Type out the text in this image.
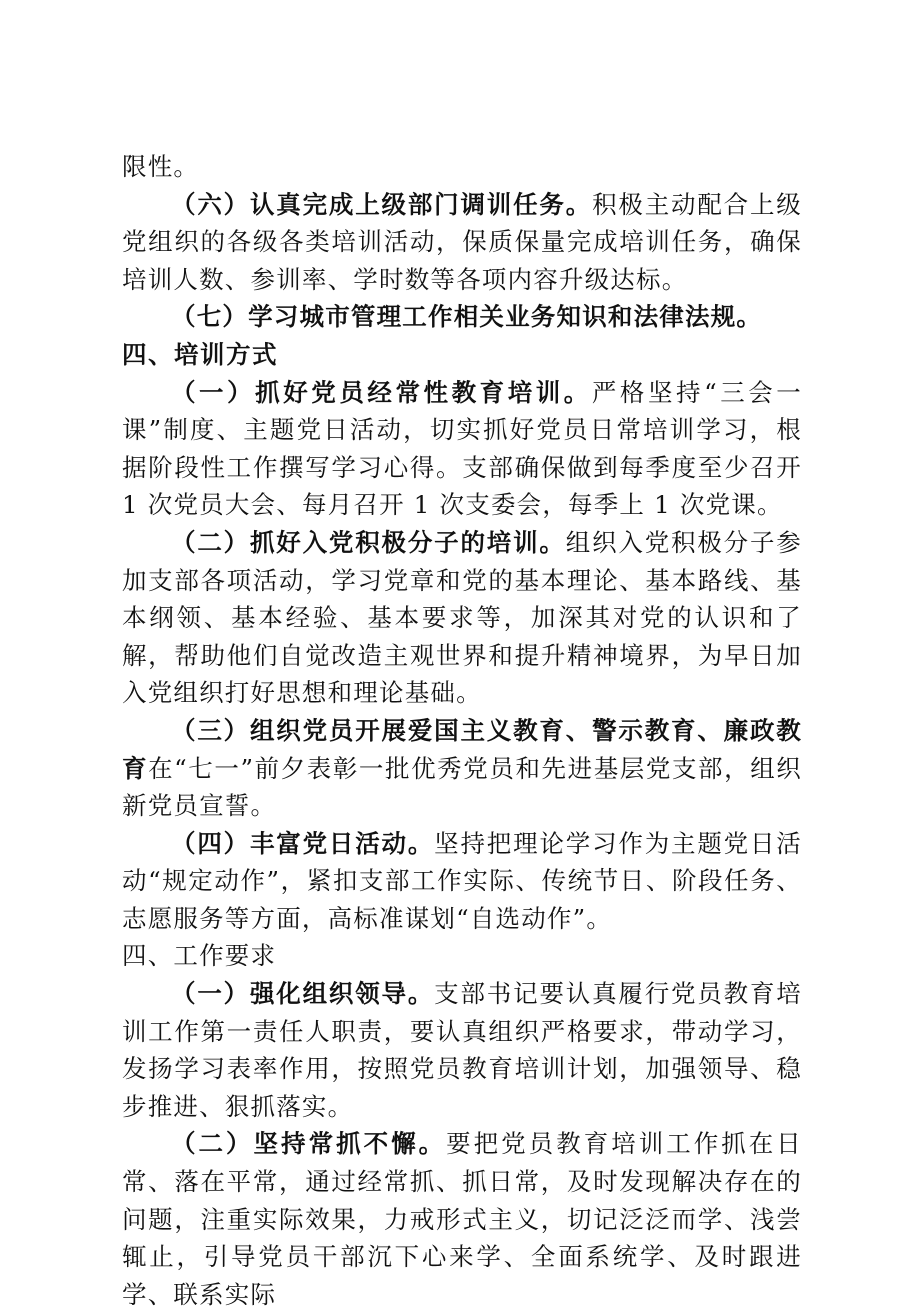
限性。

（六）认真完成上级部门调训任务。积极主动配合上级党组织的各级各类培训活动，保质保量完成培训任务，确保培训人数、参训率、学时数等各项内容升级达标。

（七）学习城市管理工作相关业务知识和法律法规。

四、培训方式

（一）抓好党员经常性教育培训。严格坚持“三会一课”制度、主题党日活动，切实抓好党员日常培训学习，根据阶段性工作撰写学习心得。支部确保做到每季度至少召开 1 次党员大会、每月召开 1 次支委会，每季上 1 次党课。

（二）抓好入党积极分子的培训。组织入党积极分子参加支部各项活动，学习党章和党的基本理论、基本路线、基本纲领、基本经验、基本要求等，加深其对党的认识和了解，帮助他们自觉改造主观世界和提升精神境界，为早日加入党组织打好思想和理论基础。

（三）组织党员开展爱国主义教育、警示教育、廉政教育在“七一”前夕表彰一批优秀党员和先进基层党支部，组织新党员宣誓。

（四）丰富党日活动。坚持把理论学习作为主题党日活动“规定动作”，紧扣支部工作实际、传统节日、阶段任务、志愿服务等方面，高标准谋划“自选动作”。

四、工作要求

（一）强化组织领导。支部书记要认真履行党员教育培训工作第一责任人职责，要认真组织严格要求，带动学习，发扬学习表率作用，按照党员教育培训计划，加强领导、稳步推进、狠抓落实。

（二）坚持常抓不懈。要把党员教育培训工作抓在日常、落在平常，通过经常抓、抓日常，及时发现解决存在的问题，注重实际效果，力戒形式主义，切记泛泛而学、浅尝辄止，引导党员干部沉下心来学、全面系统学、及时跟进学、联系实际
